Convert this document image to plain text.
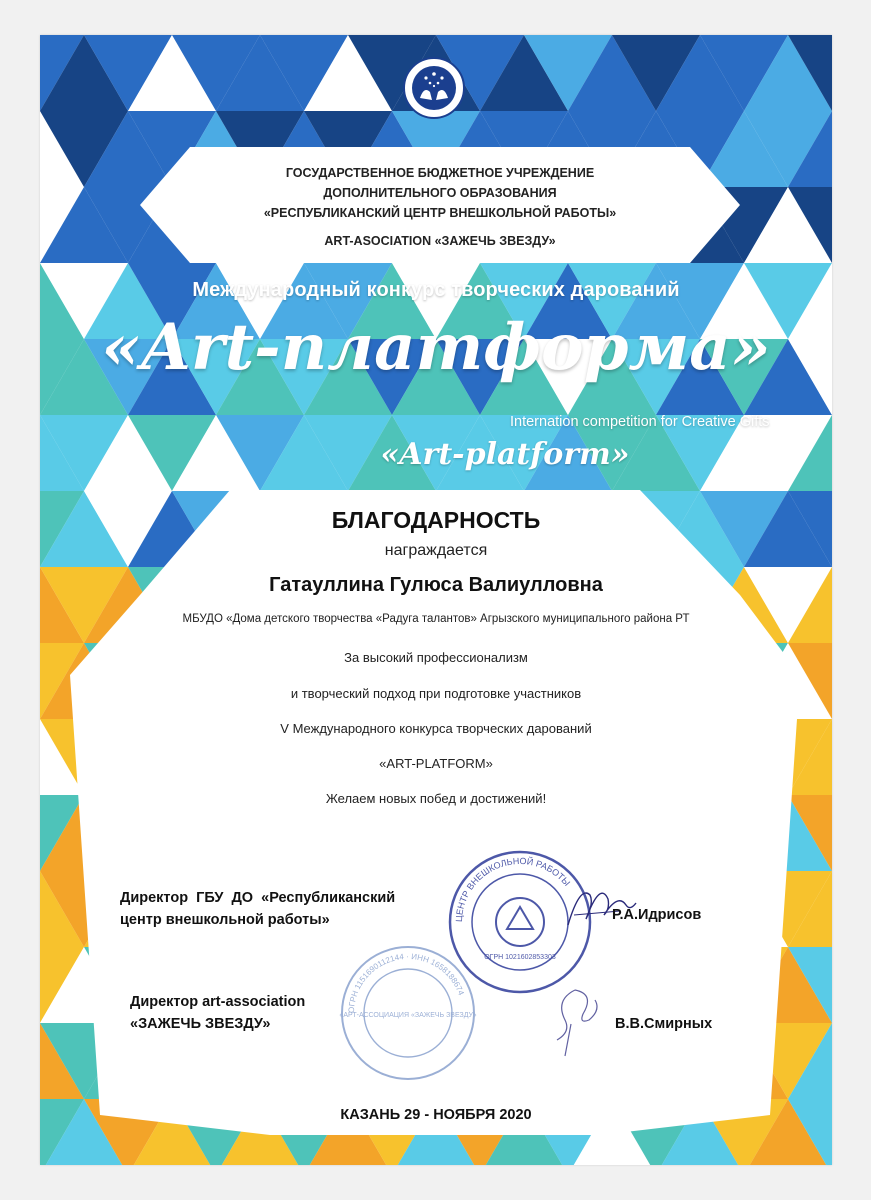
ГОСУДАРСТВЕННОЕ БЮДЖЕТНОЕ УЧРЕЖДЕНИЕ
ДОПОЛНИТЕЛЬНОГО ОБРАЗОВАНИЯ
«РЕСПУБЛИКАНСКИЙ ЦЕНТР ВНЕШКОЛЬНОЙ РАБОТЫ»
ART-ASOCIATION «ЗАЖЕЧЬ ЗВЕЗДУ»
Международный конкурс творческих дарований
«Art-платформа»
Internation competition for Creative Gifts
«Art-platform»
БЛАГОДАРНОСТЬ
награждается
Гатауллина Гулюса Валиулловна
МБУДО «Дома детского творчества «Радуга талантов» Агрызского муниципального района РТ
За высокий профессионализм
и творческий подход при подготовке участников
V Международного конкурса творческих дарований
«ART-PLATFORM»
Желаем новых побед и достижений!
ЦЕНТР ВНЕШКОЛЬНОЙ РАБОТЫ
ОГРН 1021602853303
ОГРН 1151690112144 · ИНН 1658188674
«АРТ-АССОЦИАЦИЯ «ЗАЖЕЧЬ ЗВЕЗДУ»
Директор  ГБУ  ДО  «Республиканский
центр внешкольной работы»	Р.А.Идрисов
Директор art-association
«ЗАЖЕЧЬ ЗВЕЗДУ»	В.В.Смирных
КАЗАНЬ 29 - НОЯБРЯ 2020
